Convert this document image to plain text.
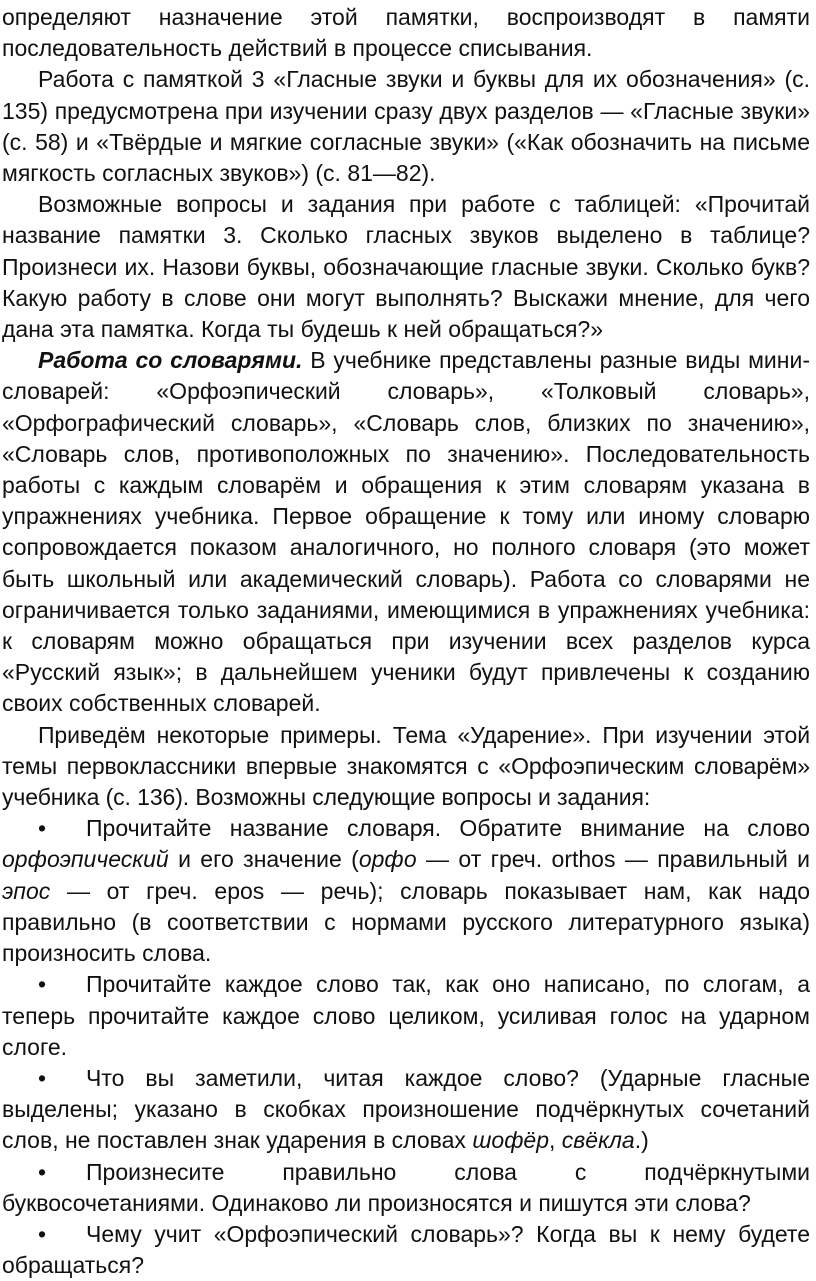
определяют назначение этой памятки, воспроизводят в памяти последовательность действий в процессе списывания.

Работа с памяткой 3 «Гласные звуки и буквы для их обозначения» (с. 135) предусмотрена при изучении сразу двух разделов — «Гласные звуки» (с. 58) и «Твёрдые и мягкие согласные звуки» («Как обозначить на письме мягкость согласных звуков») (с. 81—82).

Возможные вопросы и задания при работе с таблицей: «Прочитай название памятки 3. Сколько гласных звуков выделено в таблице? Произнеси их. Назови буквы, обозначающие гласные звуки. Сколько букв? Какую работу в слове они могут выполнять? Выскажи мнение, для чего дана эта памятка. Когда ты будешь к ней обращаться?»

Работа со словарями. В учебнике представлены разные виды мини-словарей: «Орфоэпический словарь», «Толковый словарь», «Орфографический словарь», «Словарь слов, близких по значению», «Словарь слов, противоположных по значению». Последовательность работы с каждым словарём и обращения к этим словарям указана в упражнениях учебника. Первое обращение к тому или иному словарю сопровождается показом аналогичного, но полного словаря (это может быть школьный или академический словарь). Работа со словарями не ограничивается только заданиями, имеющимися в упражнениях учебника: к словарям можно обращаться при изучении всех разделов курса «Русский язык»; в дальнейшем ученики будут привлечены к созданию своих собственных словарей.

Приведём некоторые примеры. Тема «Ударение». При изучении этой темы первоклассники впервые знакомятся с «Орфоэпическим словарём» учебника (с. 136). Возможны следующие вопросы и задания:

• Прочитайте название словаря. Обратите внимание на слово орфоэпический и его значение (орфо — от греч. orthos — правильный и эпос — от греч. epos — речь); словарь показывает нам, как надо правильно (в соответствии с нормами русского литературного языка) произносить слова.

• Прочитайте каждое слово так, как оно написано, по слогам, а теперь прочитайте каждое слово целиком, усиливая голос на ударном слоге.

• Что вы заметили, читая каждое слово? (Ударные гласные выделены; указано в скобках произношение подчёркнутых сочетаний слов, не поставлен знак ударения в словах шофёр, свёкла.)

• Произнесите правильно слова с подчёркнутыми буквосочетаниями. Одинаково ли произносятся и пишутся эти слова?

• Чему учит «Орфоэпический словарь»? Когда вы к нему будете обращаться?
